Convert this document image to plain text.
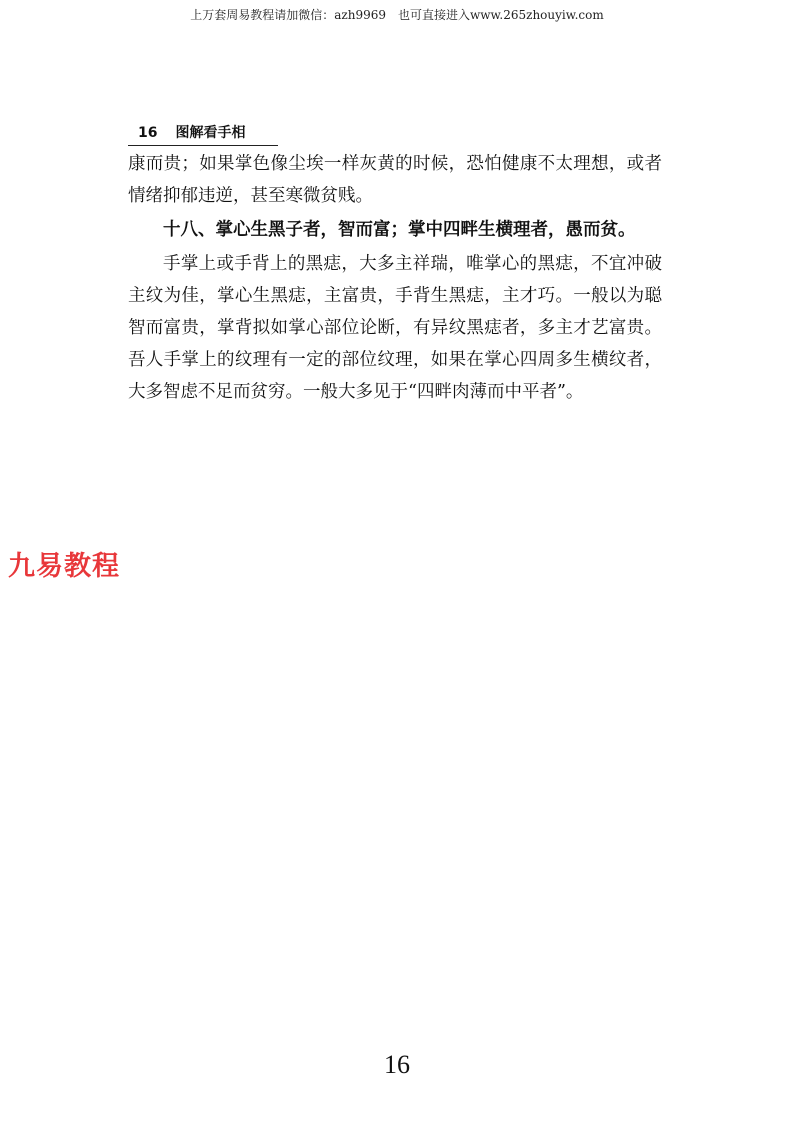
上万套周易教程请加微信：azh9969　也可直接进入www.265zhouyiw.com
16 图解看手相

康而贵；如果掌色像尘埃一样灰黄的时候，恐怕健康不太理想，或者情绪抑郁违逆，甚至寒微贫贱。

十八、掌心生黑子者，智而富；掌中四畔生横理者，愚而贫。

手掌上或手背上的黑痣，大多主祥瑞，唯掌心的黑痣，不宜冲破主纹为佳，掌心生黑痣，主富贵，手背生黑痣，主才巧。一般以为聪智而富贵，掌背拟如掌心部位论断，有异纹黑痣者，多主才艺富贵。吾人手掌上的纹理有一定的部位纹理，如果在掌心四周多生横纹者，大多智虑不足而贫穷。一般大多见于“四畔肉薄而中平者”。

九易教程
16
